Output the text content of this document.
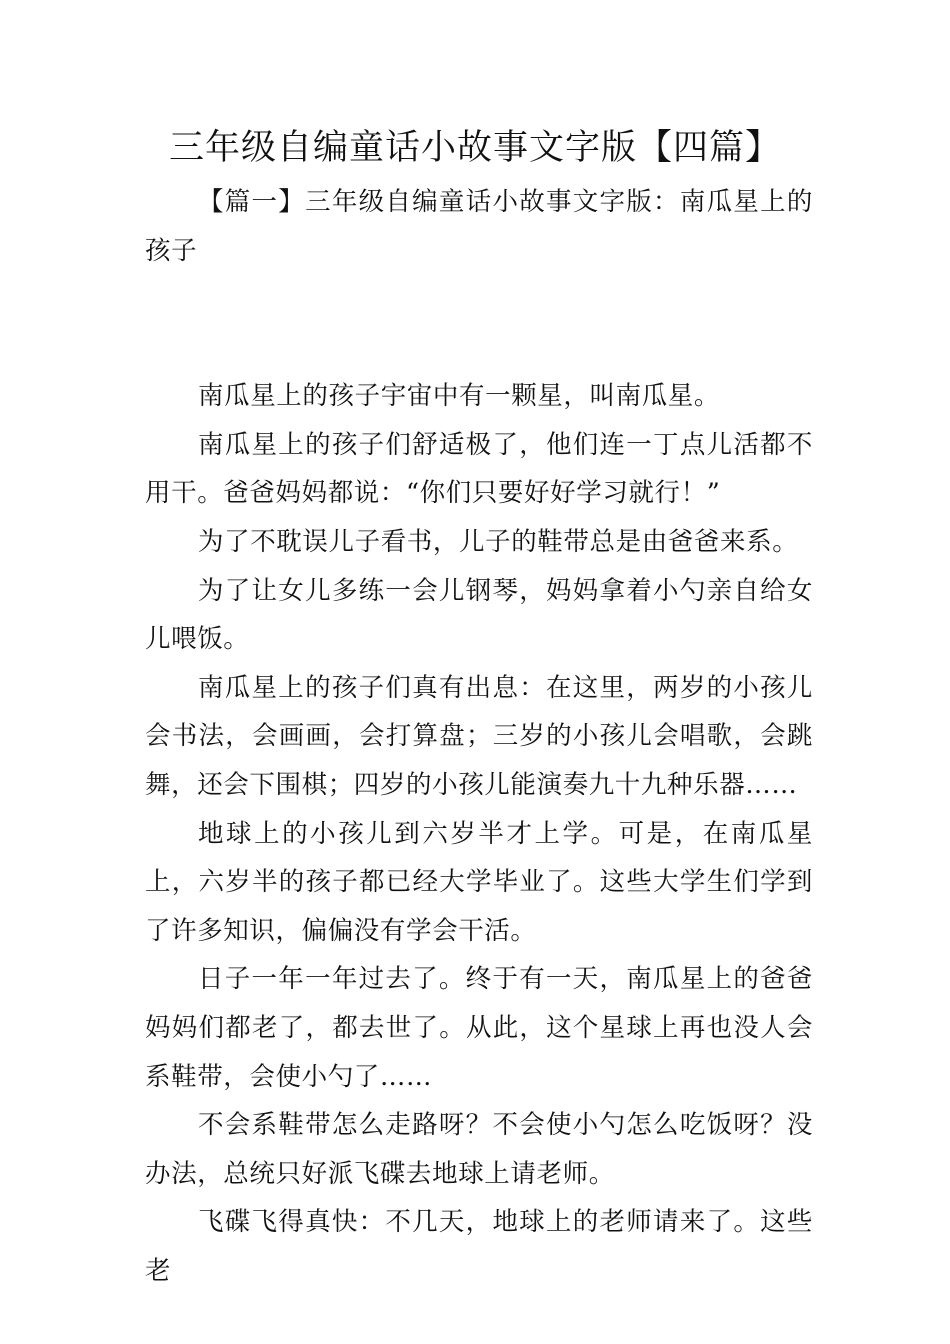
三年级自编童话小故事文字版【四篇】

【篇一】三年级自编童话小故事文字版：南瓜星上的孩子

南瓜星上的孩子宇宙中有一颗星，叫南瓜星。

南瓜星上的孩子们舒适极了，他们连一丁点儿活都不用干。爸爸妈妈都说：“你们只要好好学习就行！”

为了不耽误儿子看书，儿子的鞋带总是由爸爸来系。

为了让女儿多练一会儿钢琴，妈妈拿着小勺亲自给女儿喂饭。

南瓜星上的孩子们真有出息：在这里，两岁的小孩儿会书法，会画画，会打算盘；三岁的小孩儿会唱歌，会跳舞，还会下围棋；四岁的小孩儿能演奏九十九种乐器……

地球上的小孩儿到六岁半才上学。可是，在南瓜星上，六岁半的孩子都已经大学毕业了。这些大学生们学到了许多知识，偏偏没有学会干活。

日子一年一年过去了。终于有一天，南瓜星上的爸爸妈妈们都老了，都去世了。从此，这个星球上再也没人会系鞋带，会使小勺了……

不会系鞋带怎么走路呀？不会使小勺怎么吃饭呀？没办法，总统只好派飞碟去地球上请老师。

飞碟飞得真快：不几天，地球上的老师请来了。这些老
